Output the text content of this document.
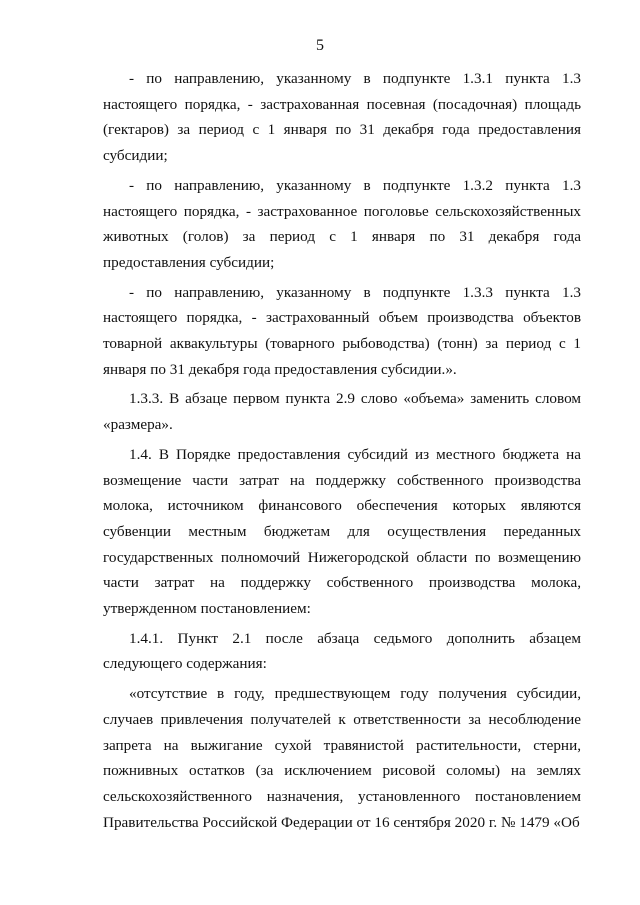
5

- по направлению, указанному в подпункте 1.3.1 пункта 1.3 настоящего порядка, - застрахованная посевная (посадочная) площадь (гектаров) за период с 1 января по 31 декабря года предоставления субсидии;

- по направлению, указанному в подпункте 1.3.2 пункта 1.3 настоящего порядка, - застрахованное поголовье сельскохозяйственных животных (голов) за период с 1 января по 31 декабря года предоставления субсидии;

- по направлению, указанному в подпункте 1.3.3 пункта 1.3 настоящего порядка, - застрахованный объем производства объектов товарной аквакультуры (товарного рыбоводства) (тонн) за период с 1 января по 31 декабря года предоставления субсидии.».

1.3.3. В абзаце первом пункта 2.9 слово «объема» заменить словом «размера».

1.4. В Порядке предоставления субсидий из местного бюджета на возмещение части затрат на поддержку собственного производства молока, источником финансового обеспечения которых являются субвенции местным бюджетам для осуществления переданных государственных полномочий Нижегородской области по возмещению части затрат на поддержку собственного производства молока, утвержденном постановлением:

1.4.1. Пункт 2.1 после абзаца седьмого дополнить абзацем следующего содержания:

«отсутствие в году, предшествующем году получения субсидии, случаев привлечения получателей к ответственности за несоблюдение запрета на выжигание сухой травянистой растительности, стерни, пожнивных остатков (за исключением рисовой соломы) на землях сельскохозяйственного назначения, установленного постановлением Правительства Российской Федерации от 16 сентября 2020 г. № 1479 «Об
